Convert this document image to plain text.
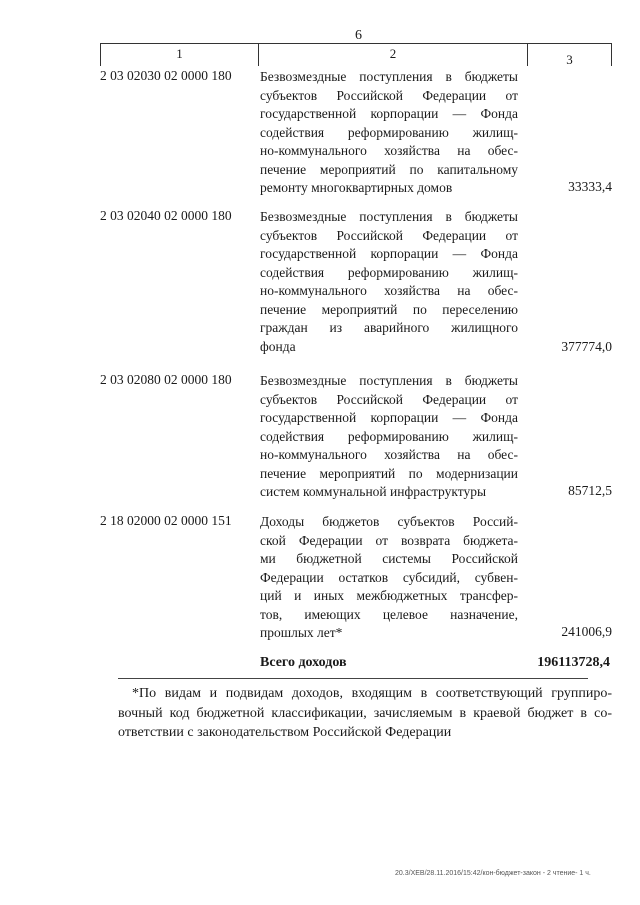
6
1	2	3
2 03 02030 02 0000 180 Безвозмездные поступления в бюджеты
субъектов Российской Федерации от
государственной корпорации — Фонда
содействия реформированию жилищ-
но-коммунального хозяйства на обес-
печение мероприятий по капитальному
ремонту многоквартирных домов	33333,4
2 03 02040 02 0000 180 Безвозмездные поступления в бюджеты
субъектов Российской Федерации от
государственной корпорации — Фонда
содействия реформированию жилищ-
но-коммунального хозяйства на обес-
печение мероприятий по переселению
граждан из аварийного жилищного
фонда	377774,0
2 03 02080 02 0000 180 Безвозмездные поступления в бюджеты
субъектов Российской Федерации от
государственной корпорации — Фонда
содействия реформированию жилищ-
но-коммунального хозяйства на обес-
печение мероприятий по модернизации
систем коммунальной инфраструктуры	85712,5
2 18 02000 02 0000 151 Доходы бюджетов субъектов Россий-
ской Федерации от возврата бюджета-
ми бюджетной системы Российской
Федерации остатков субсидий, субвен-
ций и иных межбюджетных трансфер-
тов, имеющих целевое назначение,
прошлых лет*	241006,9
Всего доходов	196113728,4
*По видам и подвидам доходов, входящим в соответствующий группиро-
вочный код бюджетной классификации, зачисляемым в краевой бюджет в со-
ответствии с законодательством Российской Федерации
20.3/ХЕВ/28.11.2016/15:42/кон-бюджет-закон - 2 чтение- 1 ч.
